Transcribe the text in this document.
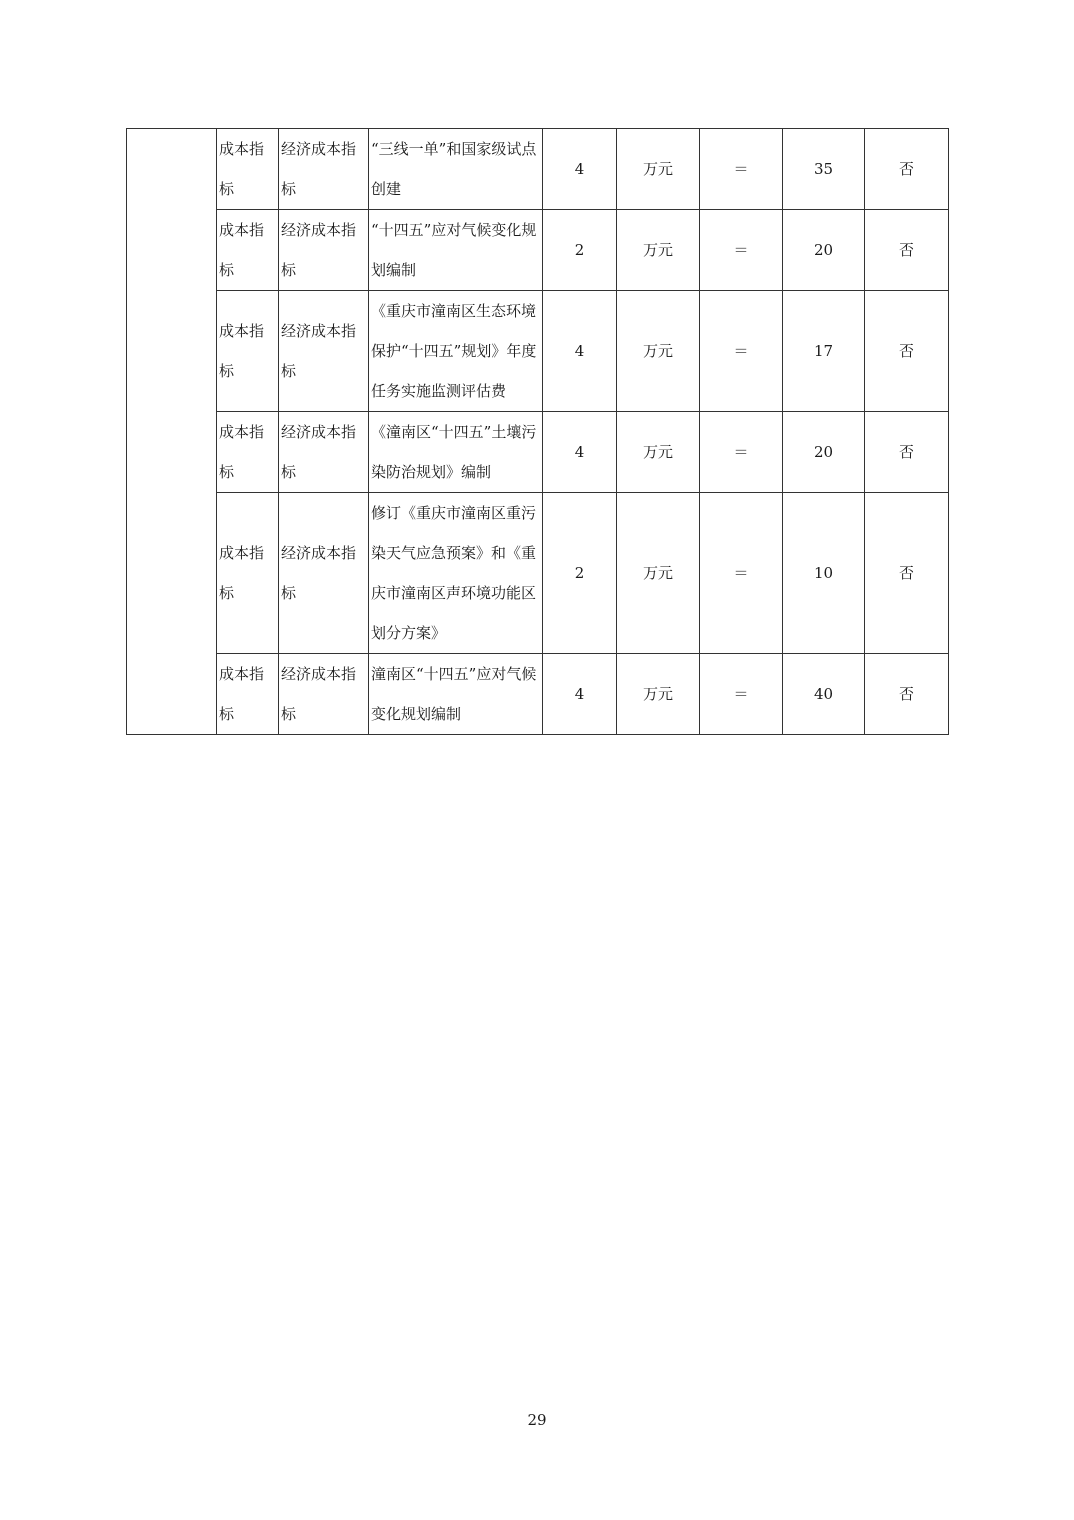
	成本指标	经济成本指标	“三线一单”和国家级试点创建	4	万元	＝	35	否
	成本指标	经济成本指标	“十四五”应对气候变化规划编制	2	万元	＝	20	否
	成本指标	经济成本指标	《重庆市潼南区生态环境保护“十四五”规划》年度任务实施监测评估费	4	万元	＝	17	否
	成本指标	经济成本指标	《潼南区“十四五”土壤污染防治规划》编制	4	万元	＝	20	否
	成本指标	经济成本指标	修订《重庆市潼南区重污染天气应急预案》和《重庆市潼南区声环境功能区划分方案》	2	万元	＝	10	否
	成本指标	经济成本指标	潼南区“十四五”应对气候变化规划编制	4	万元	＝	40	否
29
